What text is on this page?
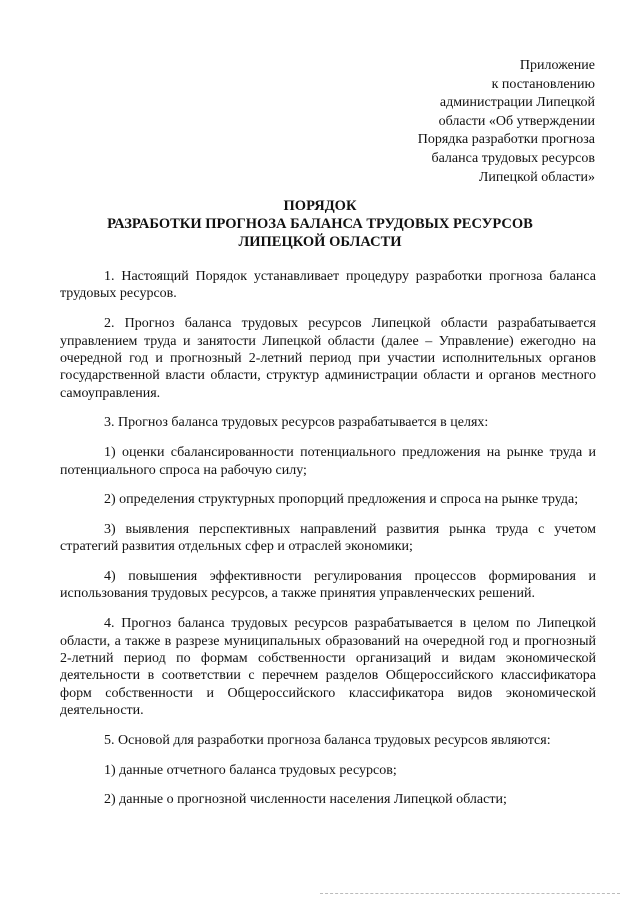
Приложение
к постановлению
администрации Липецкой
области «Об утверждении
Порядка разработки прогноза
баланса трудовых ресурсов
Липецкой области»
ПОРЯДОК
РАЗРАБОТКИ ПРОГНОЗА БАЛАНСА ТРУДОВЫХ РЕСУРСОВ
ЛИПЕЦКОЙ ОБЛАСТИ

1. Настоящий Порядок устанавливает процедуру разработки прогноза баланса трудовых ресурсов.

2. Прогноз баланса трудовых ресурсов Липецкой области разрабатывается управлением труда и занятости Липецкой области (далее – Управление) ежегодно на очередной год и прогнозный 2-летний период при участии исполнительных органов государственной власти области, структур администрации области и органов местного самоуправления.

3. Прогноз баланса трудовых ресурсов разрабатывается в целях:

1) оценки сбалансированности потенциального предложения на рынке труда и потенциального спроса на рабочую силу;

2) определения структурных пропорций предложения и спроса на рынке труда;

3) выявления перспективных направлений развития рынка труда с учетом стратегий развития отдельных сфер и отраслей экономики;

4) повышения эффективности регулирования процессов формирования и использования трудовых ресурсов, а также принятия управленческих решений.

4. Прогноз баланса трудовых ресурсов разрабатывается в целом по Липецкой области, а также в разрезе муниципальных образований на очередной год и прогнозный 2-летний период по формам собственности организаций и видам экономической деятельности в соответствии с перечнем разделов Общероссийского классификатора форм собственности и Общероссийского классификатора видов экономической деятельности.

5. Основой для разработки прогноза баланса трудовых ресурсов являются:

1) данные отчетного баланса трудовых ресурсов;

2) данные о прогнозной численности населения Липецкой области;
